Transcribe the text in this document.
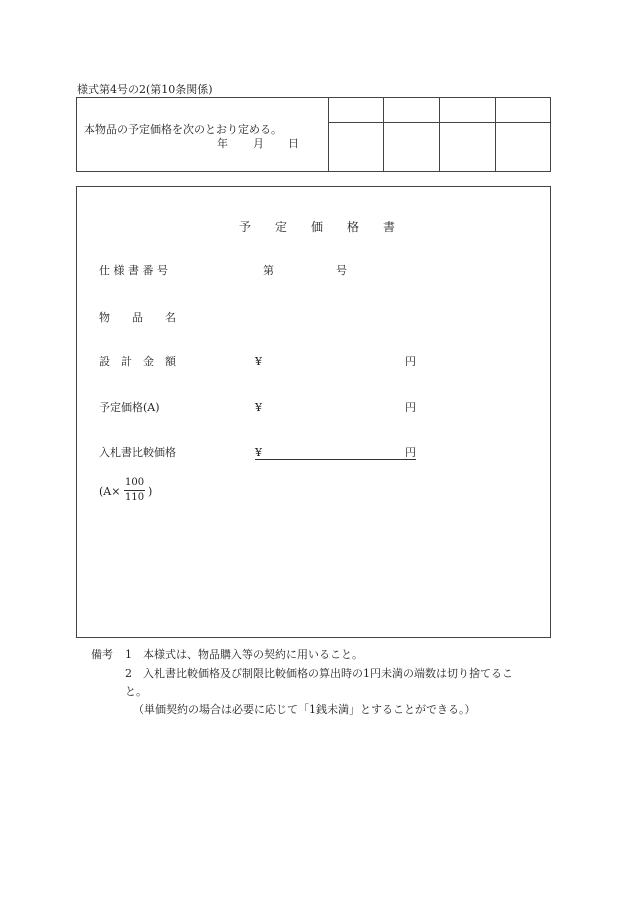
様式第4号の2(第10条関係)
本物品の予定価格を次のとおり定める。
年 月 日
予　　定　　価　　格　　書
仕 様 書 番 号	第	号
物　　品　　名
設　計　金　額	¥	円
予定価格(A)	¥	円
入札書比較価格	¥	円
($A\times \frac{100}{110}$ )
備考 1 本様式は、物品購入等の契約に用いること。
2 入札書比較価格及び制限比較価格の算出時の1円未満の端数は切り捨てるこ
と。
（単価契約の場合は必要に応じて「1銭未満」とすることができる。）
